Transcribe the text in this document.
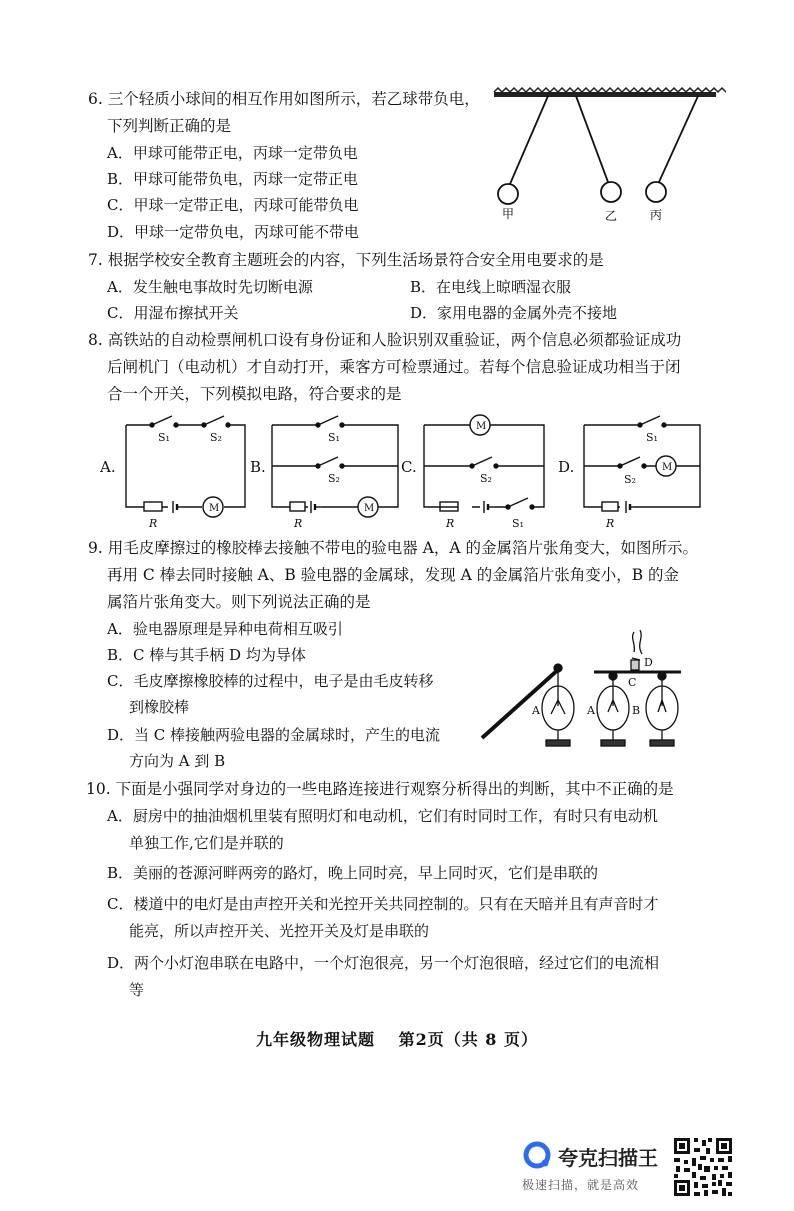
6. 三个轻质小球间的相互作用如图所示，若乙球带负电，
下列判断正确的是
A．甲球可能带正电，丙球一定带负电
B．甲球可能带负电，丙球一定带正电
C．甲球一定带正电，丙球可能带负电
D．甲球一定带负电，丙球可能不带电
甲	乙	丙
7. 根据学校安全教育主题班会的内容，下列生活场景符合安全用电要求的是
A．发生触电事故时先切断电源	B．在电线上晾晒湿衣服
C．用湿布擦拭开关	D．家用电器的金属外壳不接地
8. 高铁站的自动检票闸机口设有身份证和人脸识别双重验证，两个信息必须都验证成功
后闸机门（电动机）才自动打开，乘客方可检票通过。若每个信息验证成功相当于闭
合一个开关，下列模拟电路，符合要求的是
A.
S₁	S₂
R
M
B.
S₁
S₂
R
M
C.
M
S₂
R	S₁
D.
S₁
S₂
M
R
9. 用毛皮摩擦过的橡胶棒去接触不带电的验电器 A，A 的金属箔片张角变大，如图所示。
再用 C 棒去同时接触 A、B 验电器的金属球，发现 A 的金属箔片张角变小，B 的金
属箔片张角变大。则下列说法正确的是
A．验电器原理是异种电荷相互吸引
B．C 棒与其手柄 D 均为导体
C．毛皮摩擦橡胶棒的过程中，电子是由毛皮转移
到橡胶棒
D．当 C 棒接触两验电器的金属球时，产生的电流
方向为 A 到 B
A	A	B
C
D
10. 下面是小强同学对身边的一些电路连接进行观察分析得出的判断，其中不正确的是
A．厨房中的抽油烟机里装有照明灯和电动机，它们有时同时工作，有时只有电动机
单独工作,它们是并联的
B．美丽的苍源河畔两旁的路灯，晚上同时亮，早上同时灭，它们是串联的
C．楼道中的电灯是由声控开关和光控开关共同控制的。只有在天暗并且有声音时才
能亮，所以声控开关、光控开关及灯是串联的
D．两个小灯泡串联在电路中，一个灯泡很亮，另一个灯泡很暗，经过它们的电流相
等
九年级物理试题　 第2页（共 8 页）
夸克扫描王
极速扫描，就是高效
